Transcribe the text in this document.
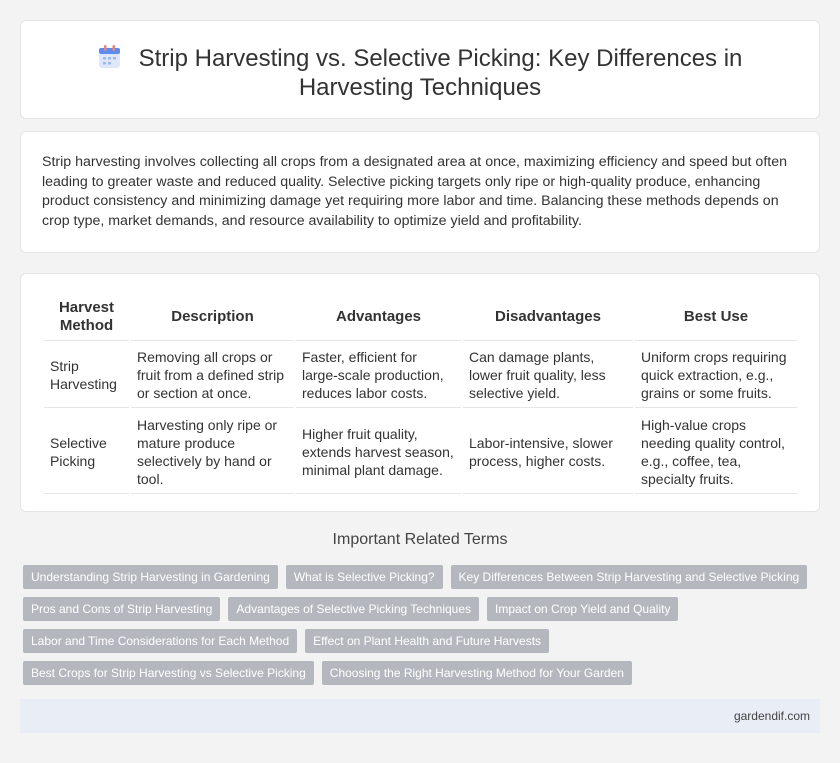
Strip Harvesting vs. Selective Picking: Key Differences in
Harvesting Techniques

Strip harvesting involves collecting all crops from a designated area at once, maximizing efficiency and speed but often leading to greater waste and reduced quality. Selective picking targets only ripe or high-quality produce, enhancing product consistency and minimizing damage yet requiring more labor and time. Balancing these methods depends on crop type, market demands, and resource availability to optimize yield and profitability.

Harvest Method	Description	Advantages	Disadvantages	Best Use
Strip Harvesting	Removing all crops or fruit from a defined strip or section at once.	Faster, efficient for large-scale production, reduces labor costs.	Can damage plants, lower fruit quality, less selective yield.	Uniform crops requiring quick extraction, e.g., grains or some fruits.
Selective Picking	Harvesting only ripe or mature produce selectively by hand or tool.	Higher fruit quality, extends harvest season, minimal plant damage.	Labor-intensive, slower process, higher costs.	High-value crops needing quality control, e.g., coffee, tea, specialty fruits.
Important Related Terms
Understanding Strip Harvesting in Gardening	What is Selective Picking?	Key Differences Between Strip Harvesting and Selective Picking
Pros and Cons of Strip Harvesting	Advantages of Selective Picking Techniques	Impact on Crop Yield and Quality
Labor and Time Considerations for Each Method	Effect on Plant Health and Future Harvests
Best Crops for Strip Harvesting vs Selective Picking	Choosing the Right Harvesting Method for Your Garden
gardendif.com
